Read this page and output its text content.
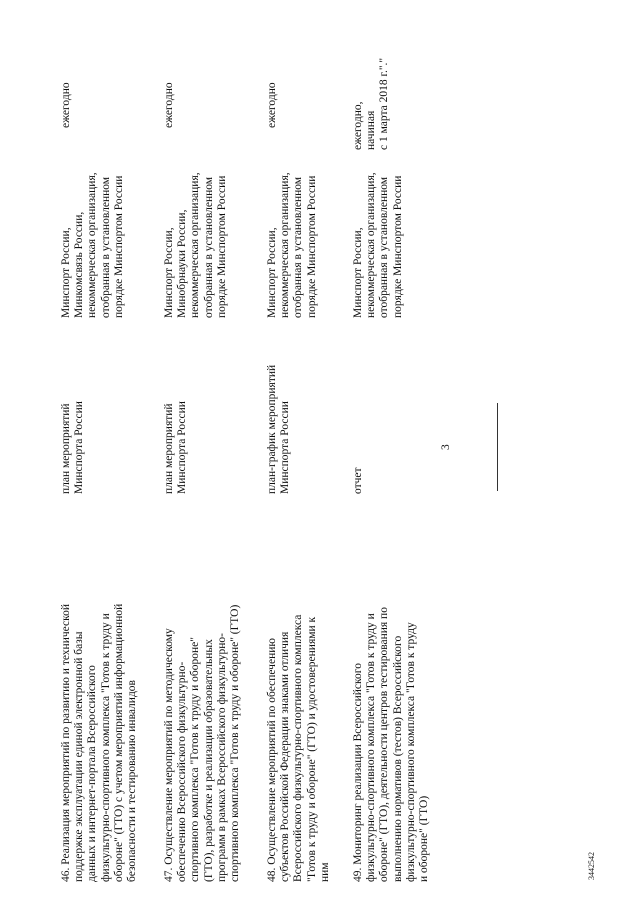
46. Реализация мероприятий по развитию и технической
поддержке эксплуатации единой электронной базы
данных и интернет-портала Всероссийского
физкультурно-спортивного комплекса "Готов к труду и
обороне" (ГТО) с учетом мероприятий информационной
безопасности и тестированию инвалидов
план мероприятий
Минспорта России
Минспорт России,
Минкомсвязь России,
некоммерческая организация,
отобранная в установленном
порядке Минспортом России
ежегодно
47. Осуществление мероприятий по методическому
обеспечению Всероссийского физкультурно-
спортивного комплекса "Готов к труду и обороне"
(ГТО), разработке и реализации образовательных
программ в рамках Всероссийского физкультурно-
спортивного комплекса "Готов к труду и обороне" (ГТО)
план мероприятий
Минспорта России
Минспорт России,
Минобрнауки России,
некоммерческая организация,
отобранная в установленном
порядке Минспортом России
ежегодно
48. Осуществление мероприятий по обеспечению
субъектов Российской Федерации знаками отличия
Всероссийского физкультурно-спортивного комплекса
"Готов к труду и обороне" (ГТО) и удостоверениями к
ним
план-график мероприятий
Минспорта России
Минспорт России,
некоммерческая организация,
отобранная в установленном
порядке Минспортом России
ежегодно
49. Мониторинг реализации Всероссийского
физкультурно-спортивного комплекса "Готов к труду и
обороне" (ГТО), деятельности центров тестирования по
выполнению нормативов (тестов) Всероссийского
физкультурно-спортивного комплекса "Готов к труду
и обороне" (ГТО)
отчет
Минспорт России,
некоммерческая организация,
отобранная в установленном
порядке Минспортом России
ежегодно,
начиная
с 1 марта 2018 г."."
3
3442542
